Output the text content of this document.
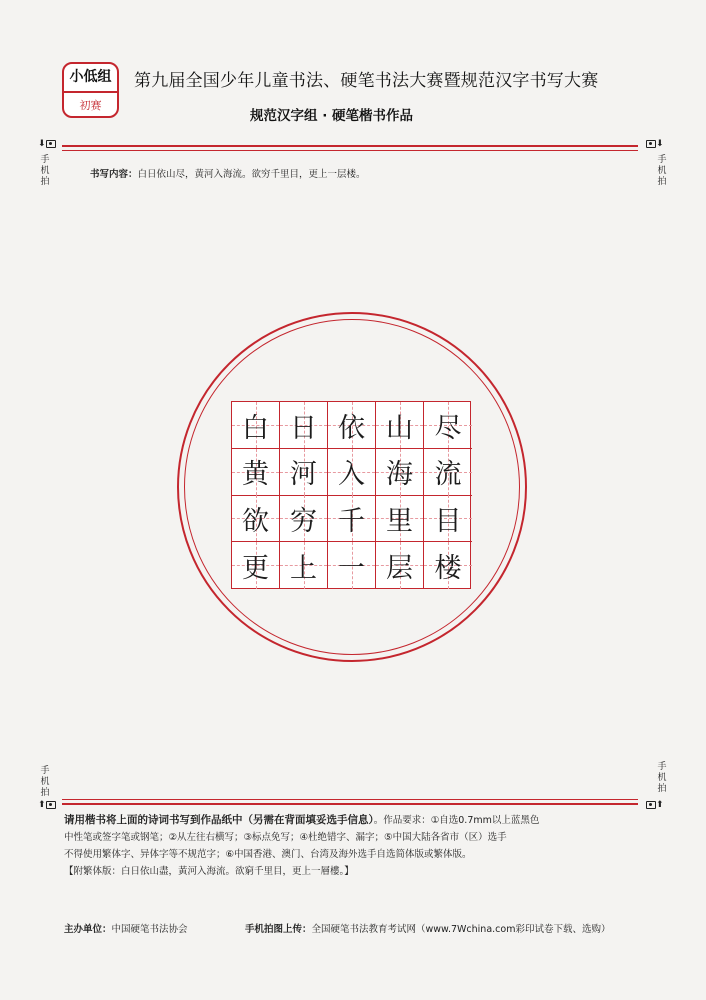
小低组
初赛
第九届全国少年儿童书法、硬笔书法大赛暨规范汉字书写大赛
规范汉字组 · 硬笔楷书作品
⬇
手机拍
⬇
手机拍
书写内容：白日依山尽，黄河入海流。欲穷千里目，更上一层楼。
白 日 依 山 尽
黄 河 入 海 流
欲 穷 千 里 目
更 上 一 层 楼
手机拍
⬆
手机拍
⬆
请用楷书将上面的诗词书写到作品纸中（另需在背面填妥选手信息）。作品要求：①自选0.7mm以上蓝黑色
中性笔或签字笔或钢笔；②从左往右横写；③标点免写；④杜绝错字、漏字；⑤中国大陆各省市（区）选手
不得使用繁体字、异体字等不规范字；⑥中国香港、澳门、台湾及海外选手自选简体版或繁体版。
【附繁体版：白日依山盡，黃河入海流。欲窮千里目，更上一層樓。】
主办单位：中国硬笔书法协会	手机拍图上传：全国硬笔书法教育考试网（www.7Wchina.com彩印试卷下载、选购）
